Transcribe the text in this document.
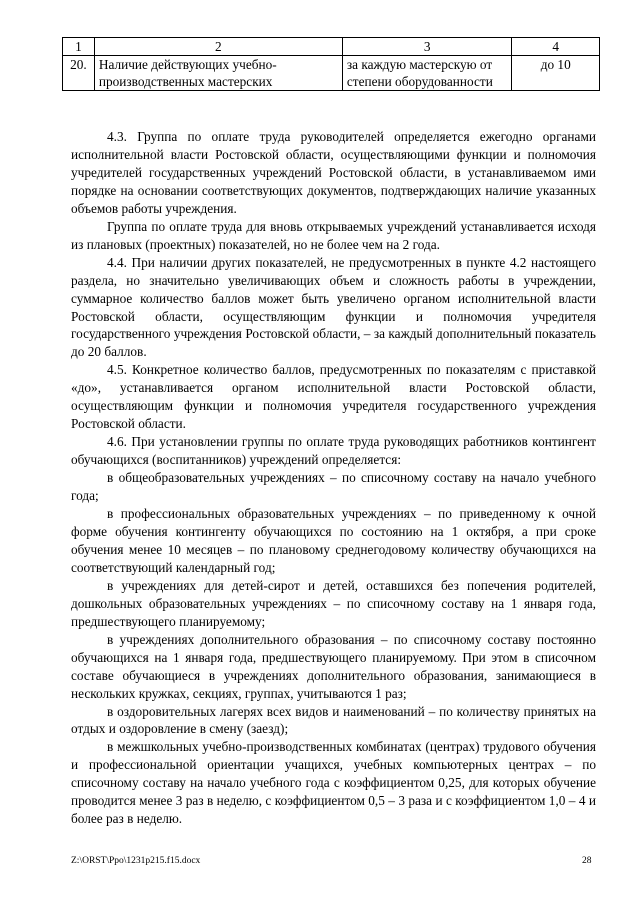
1	2	3	4
20.	Наличие действующих учебно-производственных мастерских	за каждую мастерскую от степени оборудованности	до 10

4.3. Группа по оплате труда руководителей определяется ежегодно органами исполнительной власти Ростовской области, осуществляющими функции и полномочия учредителей государственных учреждений Ростовской области, в устанавливаемом ими порядке на основании соответствующих документов, подтверждающих наличие указанных объемов работы учреждения.

Группа по оплате труда для вновь открываемых учреждений устанавливается исходя из плановых (проектных) показателей, но не более чем на 2 года.

4.4. При наличии других показателей, не предусмотренных в пункте 4.2 настоящего раздела, но значительно увеличивающих объем и сложность работы в учреждении, суммарное количество баллов может быть увеличено органом исполнительной власти Ростовской области, осуществляющим функции и полномочия учредителя государственного учреждения Ростовской области, – за каждый дополнительный показатель до 20 баллов.

4.5. Конкретное количество баллов, предусмотренных по показателям с приставкой «до», устанавливается органом исполнительной власти Ростовской области, осуществляющим функции и полномочия учредителя государственного учреждения Ростовской области.

4.6. При установлении группы по оплате труда руководящих работников контингент обучающихся (воспитанников) учреждений определяется:

в общеобразовательных учреждениях – по списочному составу на начало учебного года;

в профессиональных образовательных учреждениях – по приведенному к очной форме обучения контингенту обучающихся по состоянию на 1 октября, а при сроке обучения менее 10 месяцев – по плановому среднегодовому количеству обучающихся на соответствующий календарный год;

в учреждениях для детей-сирот и детей, оставшихся без попечения родителей, дошкольных образовательных учреждениях – по списочному составу на 1 января года, предшествующего планируемому;

в учреждениях дополнительного образования – по списочному составу постоянно обучающихся на 1 января года, предшествующего планируемому. При этом в списочном составе обучающиеся в учреждениях дополнительного образования, занимающиеся в нескольких кружках, секциях, группах, учитываются 1 раз;

в оздоровительных лагерях всех видов и наименований – по количеству принятых на отдых и оздоровление в смену (заезд);

в межшкольных учебно-производственных комбинатах (центрах) трудового обучения и профессиональной ориентации учащихся, учебных компьютерных центрах – по списочному составу на начало учебного года с коэффициентом 0,25, для которых обучение проводится менее 3 раз в неделю, с коэффициентом 0,5 – 3 раза и с коэффициентом 1,0 – 4 и более раз в неделю.

Z:\ORST\Ppo\1231p215.f15.docx	28
